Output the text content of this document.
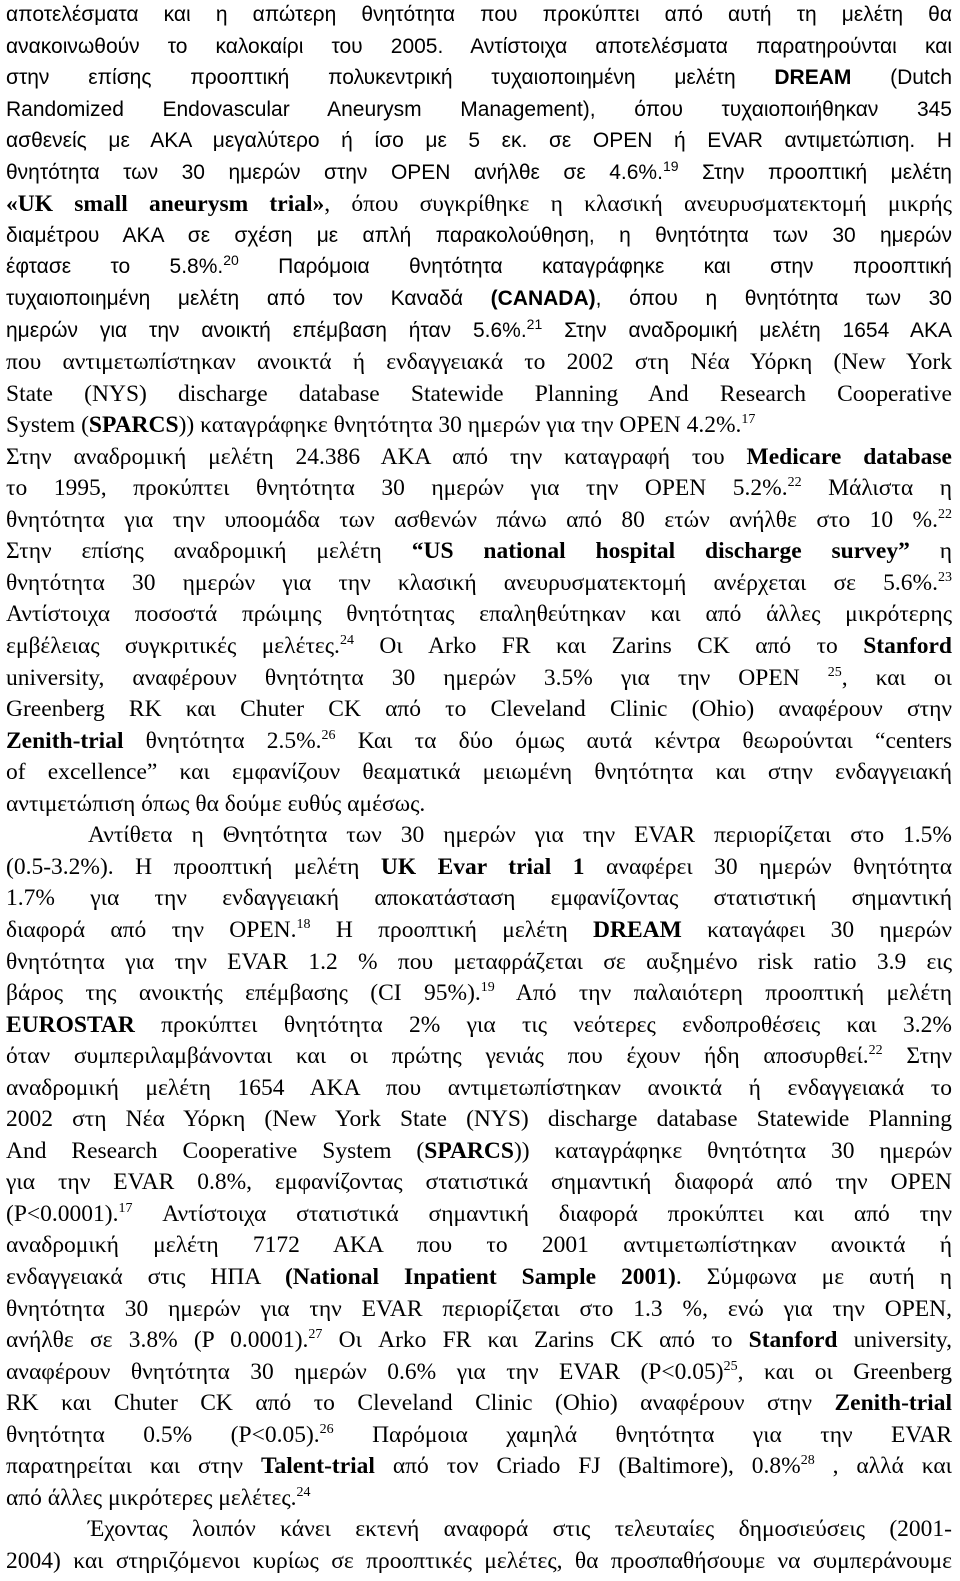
αποτελέσματα και η απώτερη θνητότητα που προκύπτει από αυτή τη μελέτη θα
ανακοινωθούν το καλοκαίρι του 2005. Αντίστοιχα αποτελέσματα παρατηρούνται και
στην επίσης προοπτική πολυκεντρική τυχαιοποιημένη μελέτη DREAM (Dutch
Randomized Endovascular Aneurysm Management), όπου τυχαιοποιήθηκαν 345
ασθενείς με ΑΚΑ μεγαλύτερο ή ίσο με 5 εκ. σε OPEN ή EVAR αντιμετώπιση. Η
θνητότητα των 30 ημερών στην OPEN ανήλθε σε 4.6%.$^{19}$ Στην προοπτική μελέτη
«UK small aneurysm trial», όπου συγκρίθηκε η κλασική ανευρυσματεκτομή μικρής
διαμέτρου ΑΚΑ σε σχέση με απλή παρακολούθηση, η θνητότητα των 30 ημερών
έφτασε το 5.8%.$^{20}$ Παρόμοια θνητότητα καταγράφηκε και στην προοπτική
τυχαιοποιημένη μελέτη από τον Καναδά (CANADA), όπου η θνητότητα των 30
ημερών για την ανοικτή επέμβαση ήταν 5.6%.$^{21}$ Στην αναδρομική μελέτη 1654 ΑΚΑ
που αντιμετωπίστηκαν ανοικτά ή ενδαγγειακά το 2002 στη Νέα Υόρκη (New York
State (NYS) discharge database Statewide Planning And Research Cooperative
System (SPARCS)) καταγράφηκε θνητότητα 30 ημερών για την OPEN 4.2%.$^{17}$
Στην αναδρομική μελέτη 24.386 ΑΚΑ από την καταγραφή του Medicare database
το 1995, προκύπτει θνητότητα 30 ημερών για την OPEN 5.2%.$^{22}$ Μάλιστα η
θνητότητα για την υποομάδα των ασθενών πάνω από 80 ετών ανήλθε στο 10 %.$^{22}$
Στην επίσης αναδρομική μελέτη “US national hospital discharge survey” η
θνητότητα 30 ημερών για την κλασική ανευρυσματεκτομή ανέρχεται σε 5.6%.$^{23}$
Αντίστοιχα ποσοστά πρώιμης θνητότητας επαληθεύτηκαν και από άλλες μικρότερης
εμβέλειας συγκριτικές μελέτες.$^{24}$ Οι Arko FR και Zarins CK από το Stanford
university, αναφέρουν θνητότητα 30 ημερών 3.5% για την OPEN $^{25}$, και οι
Greenberg RK και Chuter CK από το Cleveland Clinic (Ohio) αναφέρουν στην
Zenith-trial θνητότητα 2.5%.$^{26}$ Και τα δύο όμως αυτά κέντρα θεωρούνται “centers
of excellence” και εμφανίζουν θεαματικά μειωμένη θνητότητα και στην ενδαγγειακή
αντιμετώπιση όπως θα δούμε ευθύς αμέσως.
Αντίθετα η Θνητότητα των 30 ημερών για την EVAR περιορίζεται στο 1.5%
(0.5-3.2%). Η προοπτική μελέτη UK Evar trial 1 αναφέρει 30 ημερών θνητότητα
1.7% για την ενδαγγειακή αποκατάσταση εμφανίζοντας στατιστική σημαντική
διαφορά από την OPEN.$^{18}$ Η προοπτική μελέτη DREAM καταγάφει 30 ημερών
θνητότητα για την EVAR 1.2 % που μεταφράζεται σε αυξημένο risk ratio 3.9 εις
βάρος της ανοικτής επέμβασης (CI 95%).$^{19}$ Από την παλαιότερη προοπτική μελέτη
EUROSTAR προκύπτει θνητότητα 2% για τις νεότερες ενδοπροθέσεις και 3.2%
όταν συμπεριλαμβάνονται και οι πρώτης γενιάς που έχουν ήδη αποσυρθεί.$^{22}$ Στην
αναδρομική μελέτη 1654 ΑΚΑ που αντιμετωπίστηκαν ανοικτά ή ενδαγγειακά το
2002 στη Νέα Υόρκη (New York State (NYS) discharge database Statewide Planning
And Research Cooperative System (SPARCS)) καταγράφηκε θνητότητα 30 ημερών
για την EVAR 0.8%, εμφανίζοντας στατιστικά σημαντική διαφορά από την OPEN
(P<0.0001).$^{17}$ Αντίστοιχα στατιστικά σημαντική διαφορά προκύπτει και από την
αναδρομική μελέτη 7172 ΑΚΑ που το 2001 αντιμετωπίστηκαν ανοικτά ή
ενδαγγειακά στις ΗΠΑ (National Inpatient Sample 2001). Σύμφωνα με αυτή η
θνητότητα 30 ημερών για την EVAR περιορίζεται στο 1.3 %, ενώ για την OPEN,
ανήλθε σε 3.8% (P 0.0001).$^{27}$ Οι Arko FR και Zarins CK από το Stanford university,
αναφέρουν θνητότητα 30 ημερών 0.6% για την EVAR (P<0.05)$^{25}$, και οι Greenberg
RK και Chuter CK από το Cleveland Clinic (Ohio) αναφέρουν στην Zenith-trial
θνητότητα 0.5% (P<0.05).$^{26}$ Παρόμοια χαμηλά θνητότητα για την EVAR
παρατηρείται και στην Talent-trial από τον Criado FJ (Baltimore), 0.8%$^{28}$ , αλλά και
από άλλες μικρότερες μελέτες.$^{24}$
Έχοντας λοιπόν κάνει εκτενή αναφορά στις τελευταίες δημοσιεύσεις (2001-
2004) και στηριζόμενοι κυρίως σε προοπτικές μελέτες, θα προσπαθήσουμε να συμπεράνουμε
